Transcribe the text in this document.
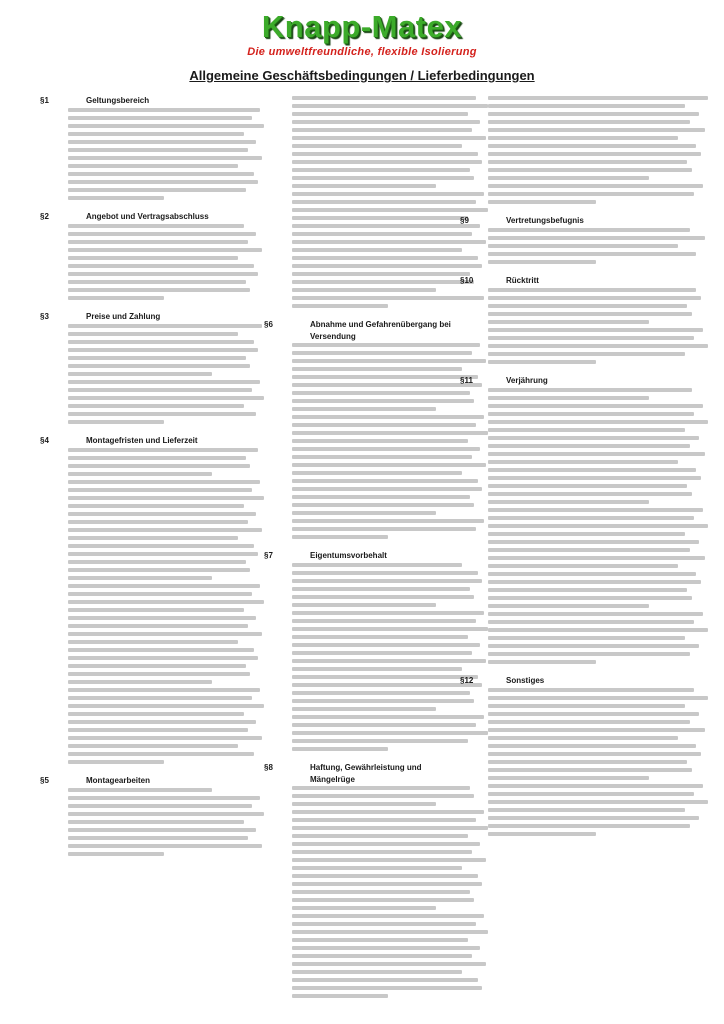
Knapp-Matex
Die umweltfreundliche, flexible Isolierung
Allgemeine Geschäftsbedingungen / Lieferbedingungen
§1	Geltungsbereich
§2	Angebot und Vertragsabschluss
§3	Preise und Zahlung
§4	Montagefristen und Lieferzeit
§5	Montagearbeiten
§6	Abnahme und Gefahrenübergang bei
Versendung
§7	Eigentumsvorbehalt
§8	Haftung, Gewährleistung und
Mängelrüge
§9	Vertretungsbefugnis
§10	Rücktritt
§11	Verjährung
§12	Sonstiges
